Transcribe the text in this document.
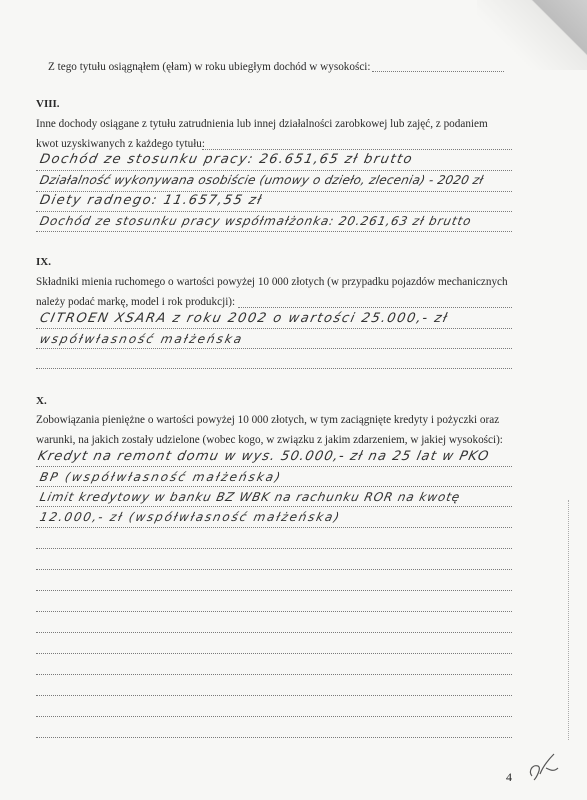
Z tego tytułu osiągnąłem (ęłam) w roku ubiegłym dochód w wysokości:
VIII.
Inne dochody osiągane z tytułu zatrudnienia lub innej działalności zarobkowej lub zajęć, z podaniem
kwot uzyskiwanych z każdego tytułu:
Dochód ze stosunku pracy: 26.651,65 zł brutto
Działalność wykonywana osobiście (umowy o dzieło, zlecenia) - 2020 zł
Diety radnego: 11.657,55 zł
Dochód ze stosunku pracy współmałżonka: 20.261,63 zł brutto
IX.
Składniki mienia ruchomego o wartości powyżej 10 000 złotych (w przypadku pojazdów mechanicznych
należy podać markę, model i rok produkcji):
CITROEN XSARA z roku 2002 o wartości 25.000,- zł
współwłasność małżeńska
X.
Zobowiązania pieniężne o wartości powyżej 10 000 złotych, w tym zaciągnięte kredyty i pożyczki oraz
warunki, na jakich zostały udzielone (wobec kogo, w związku z jakim zdarzeniem, w jakiej wysokości):
Kredyt na remont domu w wys. 50.000,- zł na 25 lat w PKO
BP (współwłasność małżeńska)
Limit kredytowy w banku BZ WBK na rachunku ROR na kwotę
12.000,- zł (współwłasność małżeńska)
4
